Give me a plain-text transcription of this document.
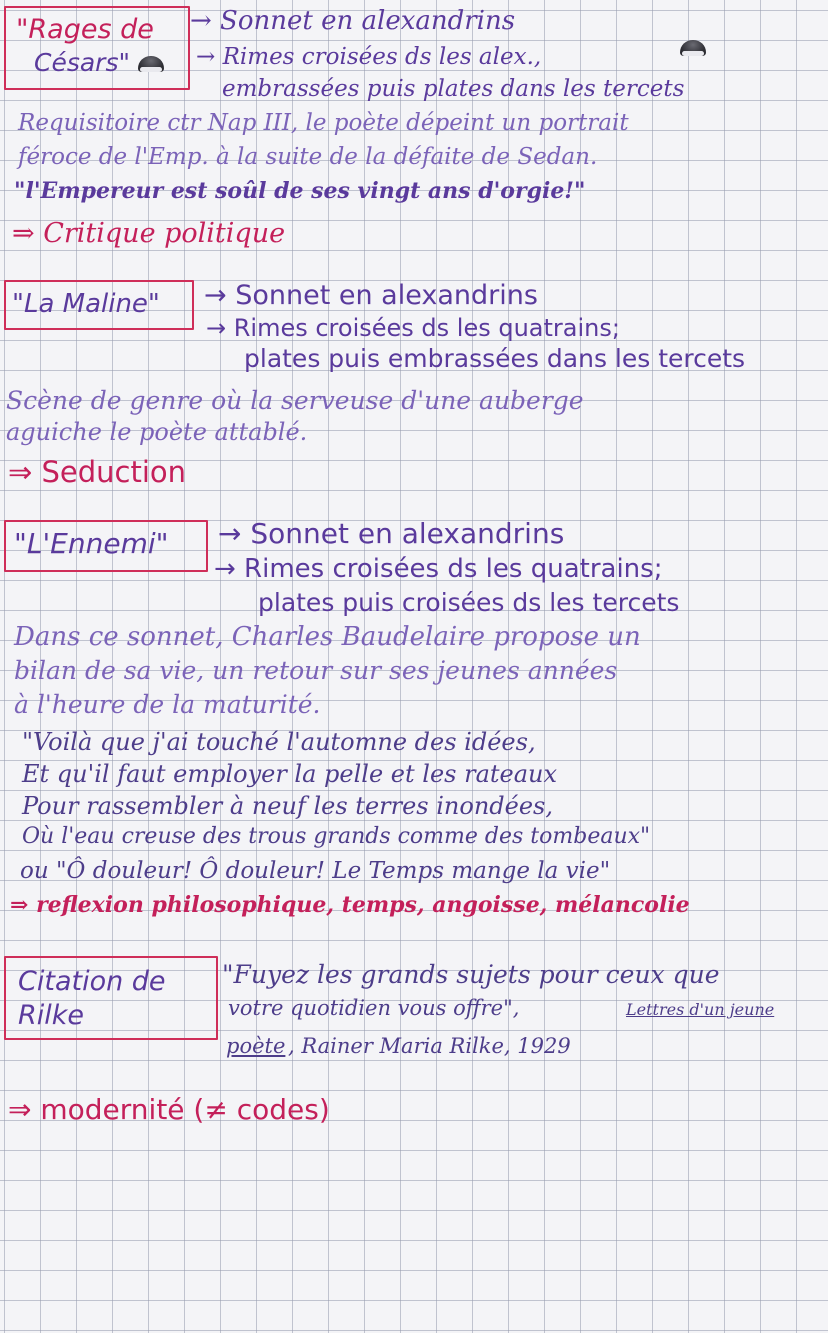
"Rages de
Césars"
→ Sonnet en alexandrins
→ Rimes croisées ds les alex.,
embrassées puis plates dans les tercets
Requisitoire ctr Nap III, le poète dépeint un portrait
féroce de l'Emp. à la suite de la défaite de Sedan.
"l'Empereur est soûl de ses vingt ans d'orgie!"
⇒ Critique politique
"La Maline" → Sonnet en alexandrins
→ Rimes croisées ds les quatrains;
plates puis embrassées dans les tercets
Scène de genre où la serveuse d'une auberge
aguiche le poète attablé.
⇒ Seduction
"L'Ennemi" → Sonnet en alexandrins
→ Rimes croisées ds les quatrains;
plates puis croisées ds les tercets
Dans ce sonnet, Charles Baudelaire propose un
bilan de sa vie, un retour sur ses jeunes années
à l'heure de la maturité.
"Voilà que j'ai touché l'automne des idées,
Et qu'il faut employer la pelle et les rateaux
Pour rassembler à neuf les terres inondées,
Où l'eau creuse des trous grands comme des tombeaux"
ou "Ô douleur! Ô douleur! Le Temps mange la vie"
⇒ reflexion philosophique, temps, angoisse, mélancolie
Citation de
Rilke
"Fuyez les grands sujets pour ceux que
votre quotidien vous offre",	Lettres d'un jeune
poète , Rainer Maria Rilke, 1929
⇒ modernité (≠ codes)
